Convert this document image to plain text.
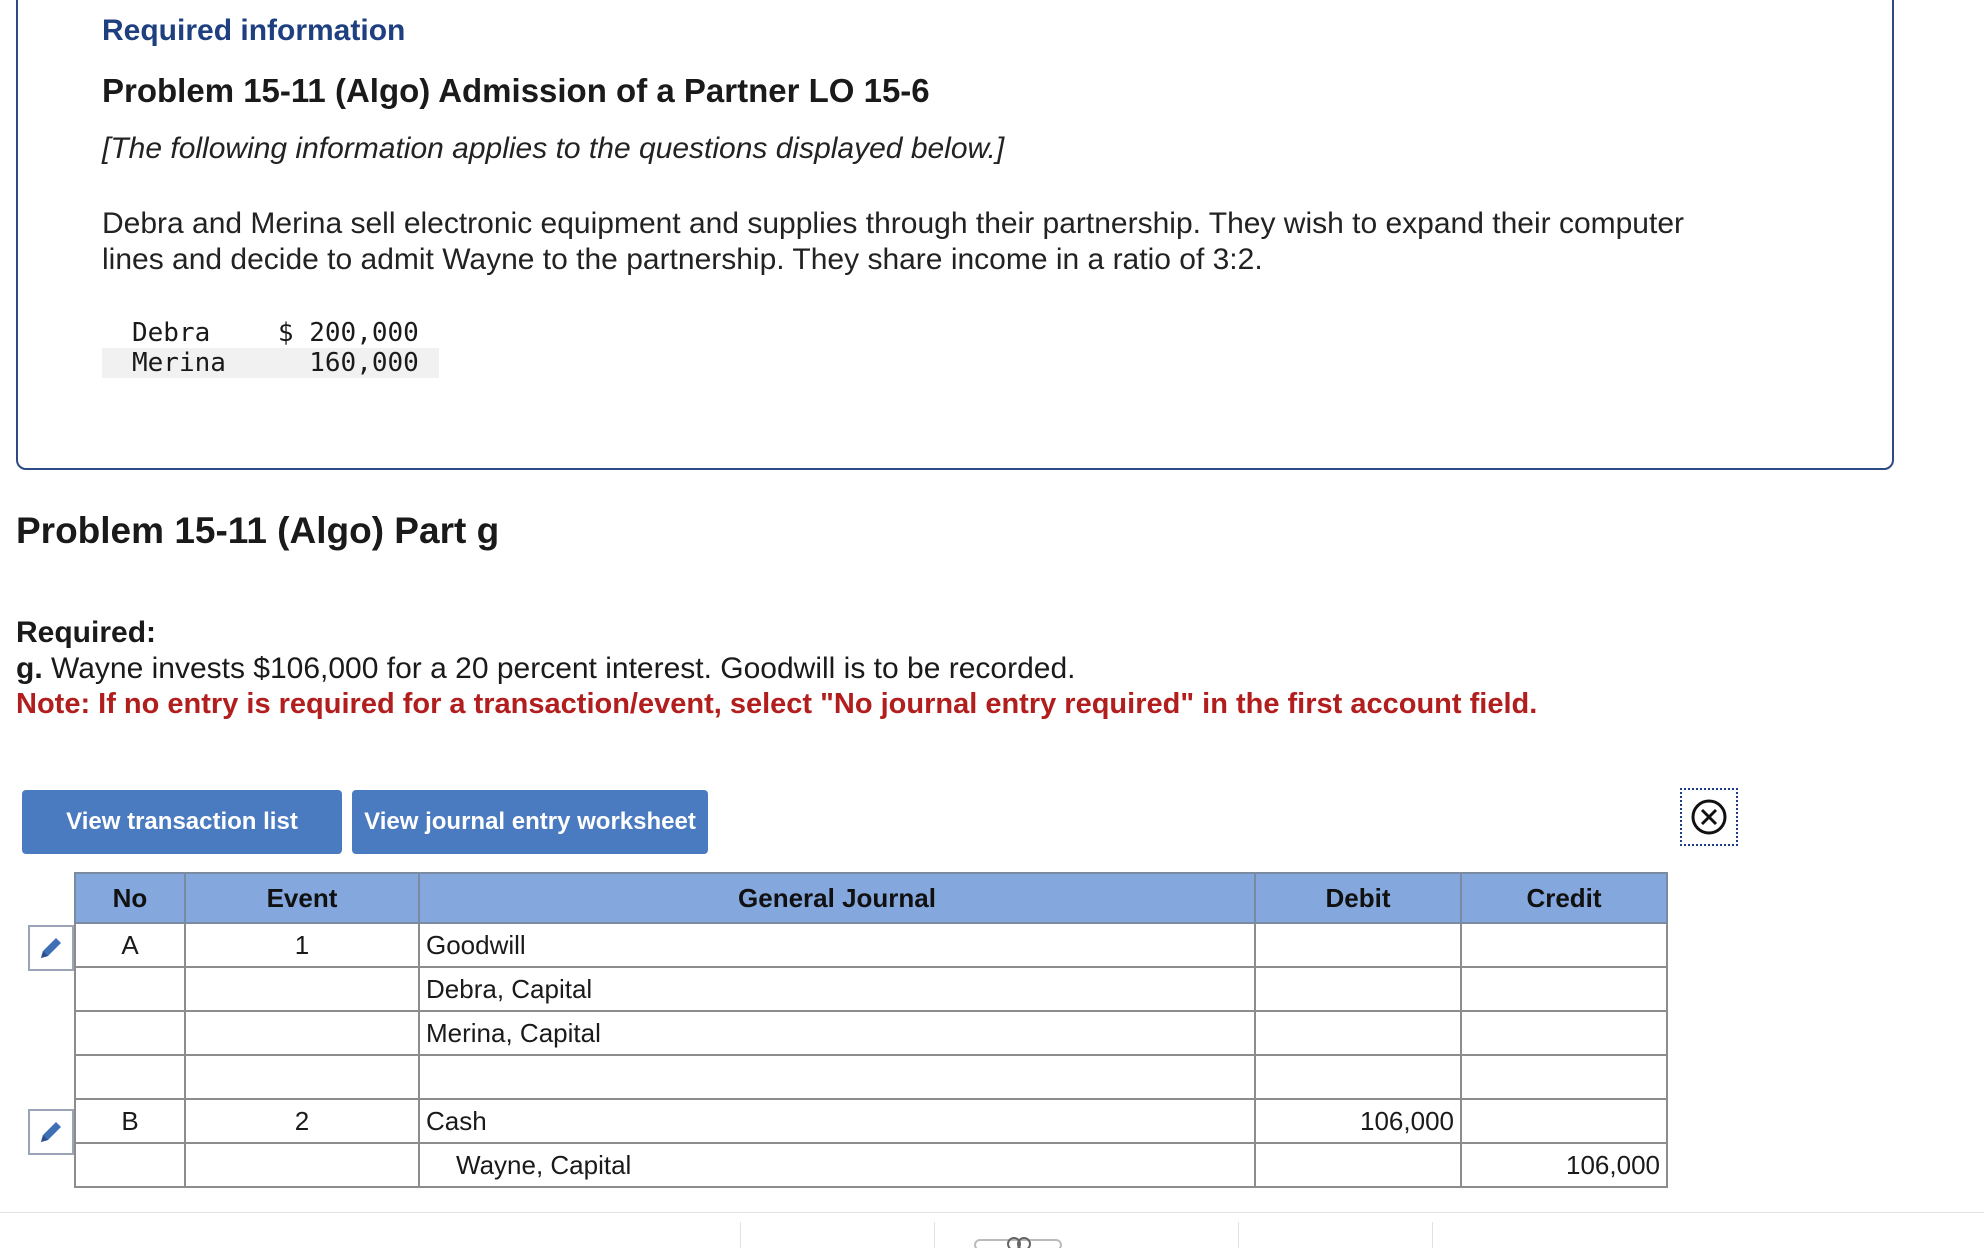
Required information
Problem 15-11 (Algo) Admission of a Partner LO 15-6
[The following information applies to the questions displayed below.]
Debra and Merina sell electronic equipment and supplies through their partnership. They wish to expand their computer
lines and decide to admit Wayne to the partnership. They share income in a ratio of 3:2.
Debra	$ 200,000
Merina	160,000
Problem 15-11 (Algo) Part g
Required:
g. Wayne invests $106,000 for a 20 percent interest. Goodwill is to be recorded.
Note: If no entry is required for a transaction/event, select "No journal entry required" in the first account field.
View transaction list	View journal entry worksheet
No	Event	General Journal	Debit	Credit
A	1	Goodwill		
		Debra, Capital		
		Merina, Capital		

B	2	Cash	106,000	
		Wayne, Capital		106,000
